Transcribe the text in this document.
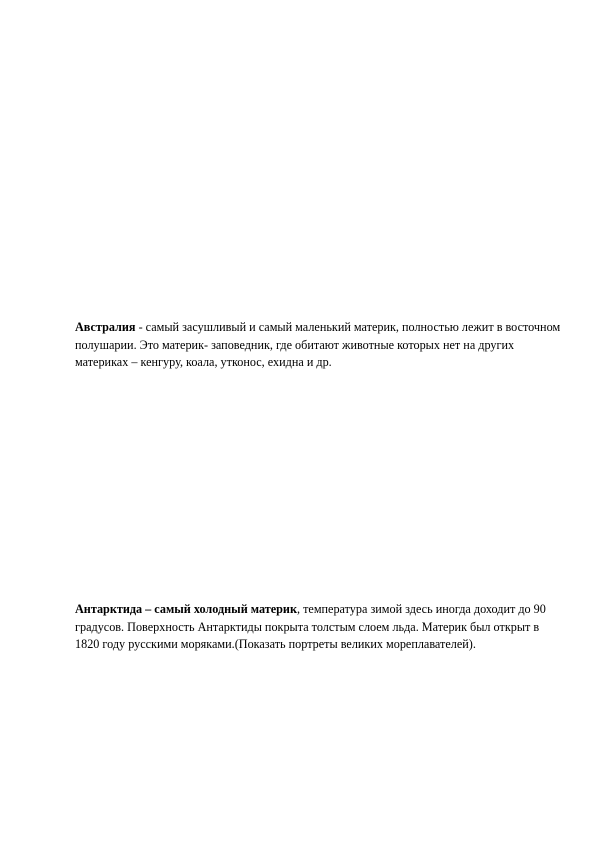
Австралия - самый засушливый и самый маленький материк, полностью лежит в восточном полушарии. Это материк- заповедник, где обитают животные которых нет на других материках – кенгуру, коала, утконос, ехидна и др.

Антарктида – самый холодный материк, температура зимой здесь иногда доходит до 90 градусов. Поверхность Антарктиды покрыта толстым слоем льда. Материк был открыт в 1820 году русскими моряками.(Показать портреты великих мореплавателей).
